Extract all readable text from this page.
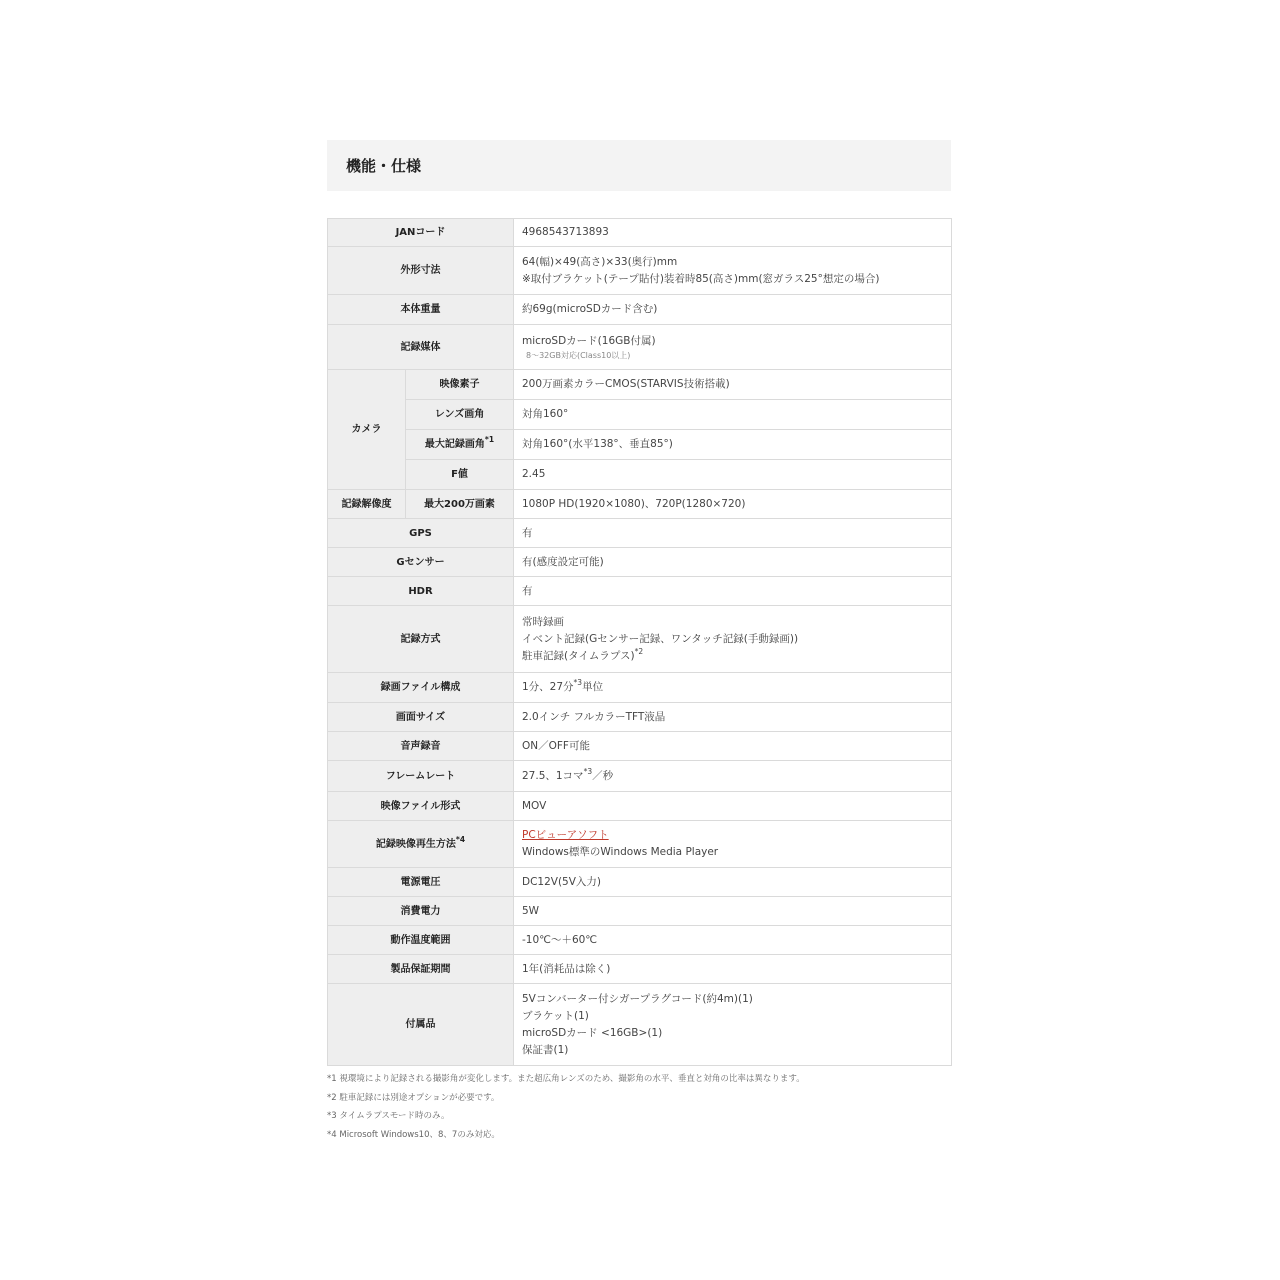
機能・仕様
JANコード		4968543713893
外形寸法		64(幅)×49(高さ)×33(奥行)mm
※取付ブラケット(テープ貼付)装着時85(高さ)mm(窓ガラス25°想定の場合)

本体重量		約69g(microSDカード含む)
記録媒体		microSDカード(16GB付属)
8～32GB対応(Class10以上)

カメラ	映像素子	200万画素カラーCMOS(STARVIS技術搭載)
	レンズ画角	対角160°
	最大記録画角$^{*1}$	対角160°(水平138°、垂直85°)
	F値	2.45
記録解像度	最大200万画素	1080P HD(1920×1080)、720P(1280×720)
GPS		有
Gセンサー		有(感度設定可能)
HDR		有
記録方式		常時録画
イベント記録(Gセンサー記録、ワンタッチ記録(手動録画))
駐車記録(タイムラプス)$^{*2}$

録画ファイル構成		1分、27分$^{*3}$単位
画面サイズ		2.0インチ フルカラーTFT液晶
音声録音		ON／OFF可能
フレームレート		27.5、1コマ$^{*3}$／秒
映像ファイル形式		MOV
記録映像再生方法$^{*4}$		PCビューアソフト
Windows標準のWindows Media Player

電源電圧		DC12V(5V入力)
消費電力		5W
動作温度範囲		-10℃～＋60℃
製品保証期間		1年(消耗品は除く)
付属品		5Vコンバーター付シガープラグコード(約4m)(1)
ブラケット(1)
microSDカード <16GB>(1)
保証書(1)
*1 視環境により記録される撮影角が変化します。また超広角レンズのため、撮影角の水平、垂直と対角の比率は異なります。
*2 駐車記録には別途オプションが必要です。
*3 タイムラプスモード時のみ。
*4 Microsoft Windows10、8、7のみ対応。
